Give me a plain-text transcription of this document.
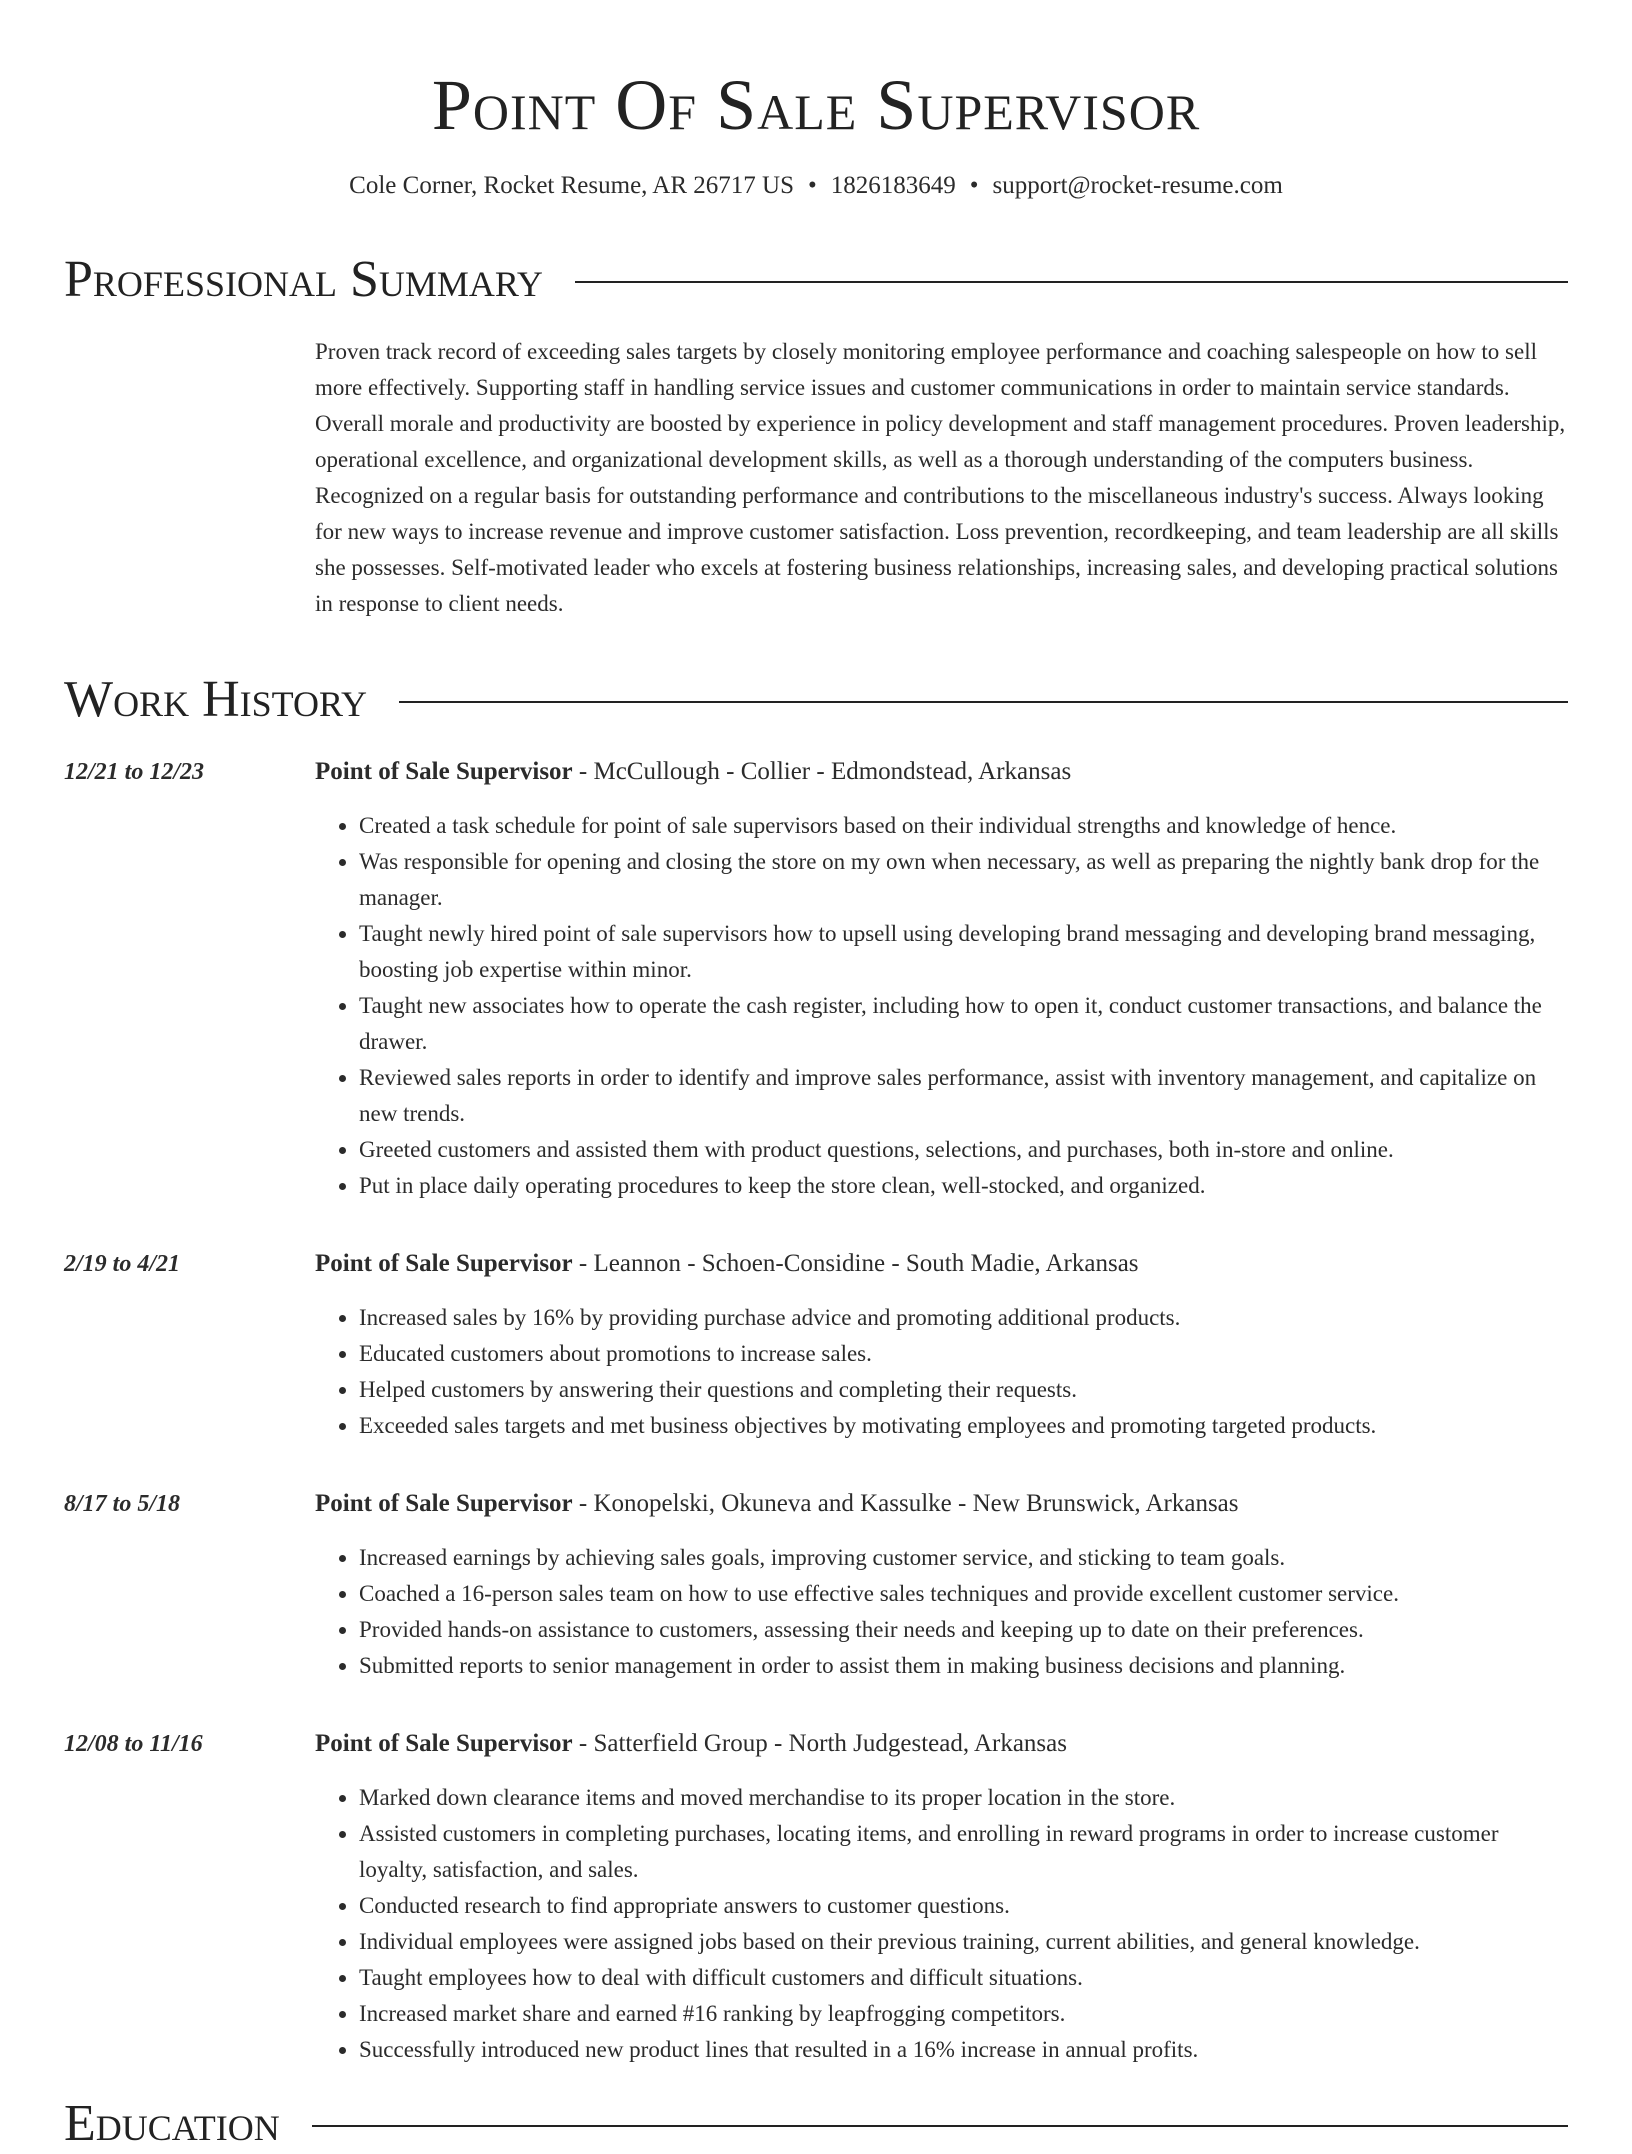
Point Of Sale Supervisor
Cole Corner, Rocket Resume, AR 26717 US • 1826183649 • support@rocket-resume.com
Professional Summary
Proven track record of exceeding sales targets by closely monitoring employee performance and coaching salespeople on how to sell more effectively. Supporting staff in handling service issues and customer communications in order to maintain service standards. Overall morale and productivity are boosted by experience in policy development and staff management procedures. Proven leadership, operational excellence, and organizational development skills, as well as a thorough understanding of the computers business. Recognized on a regular basis for outstanding performance and contributions to the miscellaneous industry's success. Always looking for new ways to increase revenue and improve customer satisfaction. Loss prevention, recordkeeping, and team leadership are all skills she possesses. Self-motivated leader who excels at fostering business relationships, increasing sales, and developing practical solutions in response to client needs.
Work History
12/21 to 12/23	Point of Sale Supervisor - McCullough - Collier - Edmondstead, Arkansas
• Created a task schedule for point of sale supervisors based on their individual strengths and knowledge of hence.
• Was responsible for opening and closing the store on my own when necessary, as well as preparing the nightly bank drop for the manager.
• Taught newly hired point of sale supervisors how to upsell using developing brand messaging and developing brand messaging, boosting job expertise within minor.
• Taught new associates how to operate the cash register, including how to open it, conduct customer transactions, and balance the drawer.
• Reviewed sales reports in order to identify and improve sales performance, assist with inventory management, and capitalize on new trends.
• Greeted customers and assisted them with product questions, selections, and purchases, both in-store and online.
• Put in place daily operating procedures to keep the store clean, well-stocked, and organized.
2/19 to 4/21	Point of Sale Supervisor - Leannon - Schoen-Considine - South Madie, Arkansas
• Increased sales by 16% by providing purchase advice and promoting additional products.
• Educated customers about promotions to increase sales.
• Helped customers by answering their questions and completing their requests.
• Exceeded sales targets and met business objectives by motivating employees and promoting targeted products.
8/17 to 5/18	Point of Sale Supervisor - Konopelski, Okuneva and Kassulke - New Brunswick, Arkansas
• Increased earnings by achieving sales goals, improving customer service, and sticking to team goals.
• Coached a 16-person sales team on how to use effective sales techniques and provide excellent customer service.
• Provided hands-on assistance to customers, assessing their needs and keeping up to date on their preferences.
• Submitted reports to senior management in order to assist them in making business decisions and planning.
12/08 to 11/16	Point of Sale Supervisor - Satterfield Group - North Judgestead, Arkansas
• Marked down clearance items and moved merchandise to its proper location in the store.
• Assisted customers in completing purchases, locating items, and enrolling in reward programs in order to increase customer loyalty, satisfaction, and sales.
• Conducted research to find appropriate answers to customer questions.
• Individual employees were assigned jobs based on their previous training, current abilities, and general knowledge.
• Taught employees how to deal with difficult customers and difficult situations.
• Increased market share and earned #16 ranking by leapfrogging competitors.
• Successfully introduced new product lines that resulted in a 16% increase in annual profits.
Education
